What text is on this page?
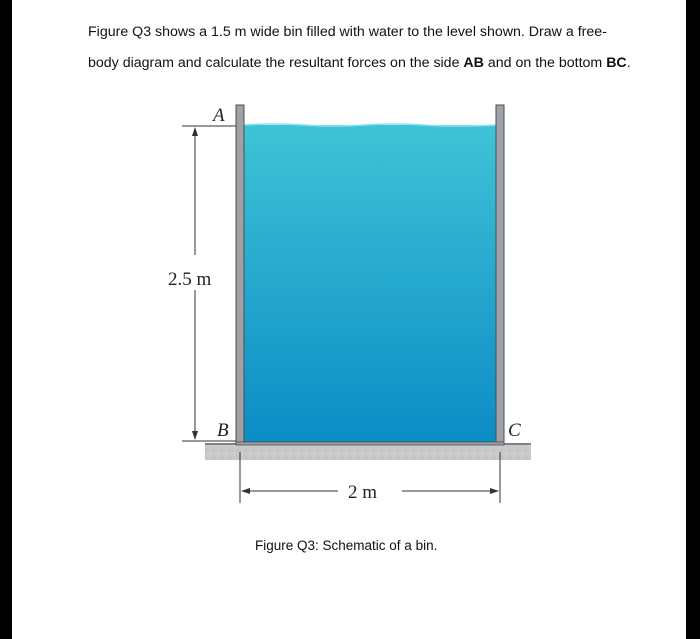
Figure Q3 shows a 1.5 m wide bin filled with water to the level shown. Draw a free-
body diagram and calculate the resultant forces on the side AB and on the bottom BC.
A
B	C
2.5 m
2 m
Figure Q3: Schematic of a bin.
